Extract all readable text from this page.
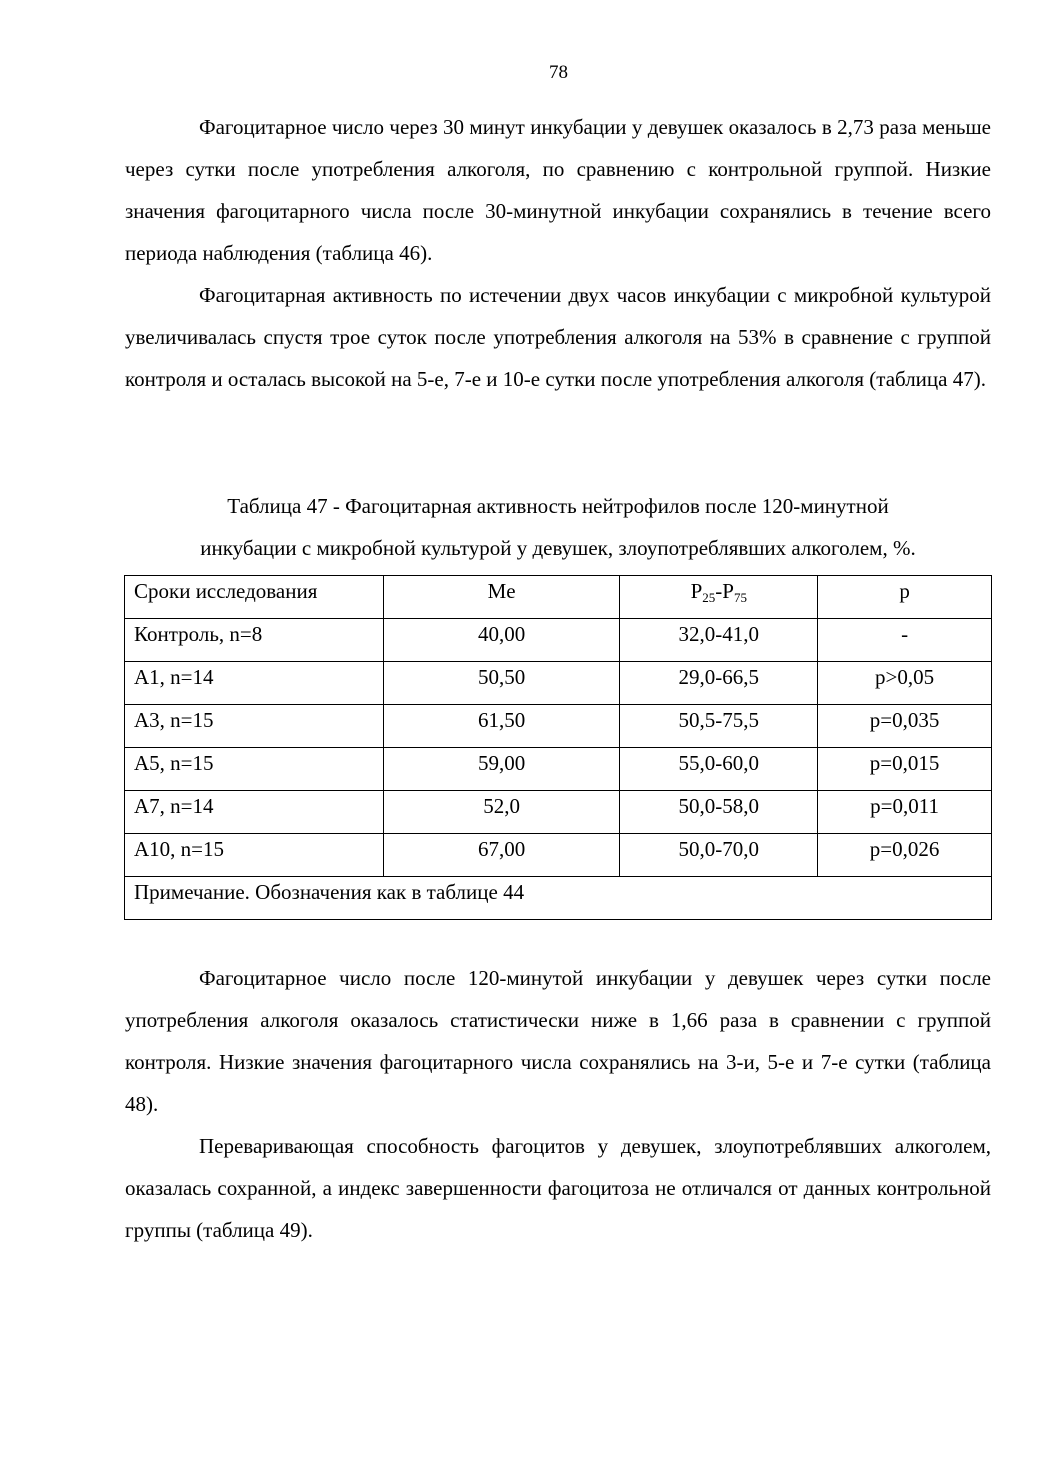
78

Фагоцитарное число через 30 минут инкубации у девушек оказалось в 2,73 раза меньше через сутки после употребления алкоголя, по сравнению с контрольной группой. Низкие значения фагоцитарного числа после 30-минутной инкубации сохранялись в течение всего периода наблюдения (таблица 46).

Фагоцитарная активность по истечении двух часов инкубации с микробной культурой увеличивалась спустя трое суток после употребления алкоголя на 53% в сравнение с группой контроля и осталась высокой на 5-е, 7-е и 10-е сутки после употребления алкоголя (таблица 47).

Таблица 47 - Фагоцитарная активность нейтрофилов после 120-минутной
инкубации с микробной культурой у девушек, злоупотреблявших алкоголем, %.
Сроки исследования	Me	$P_{25}-P_{75}$	p
Контроль, n=8	40,00	32,0-41,0	-
А1, n=14	50,50	29,0-66,5	p>0,05
А3, n=15	61,50	50,5-75,5	p=0,035
А5, n=15	59,00	55,0-60,0	p=0,015
А7, n=14	52,0	50,0-58,0	p=0,011
А10, n=15	67,00	50,0-70,0	p=0,026
Примечание. Обозначения как в таблице 44			

Фагоцитарное число после 120-минутой инкубации у девушек через сутки после употребления алкоголя оказалось статистически ниже в 1,66 раза в сравнении с группой контроля. Низкие значения фагоцитарного числа сохранялись на 3-и, 5-е и 7-е сутки (таблица 48).

Переваривающая способность фагоцитов у девушек, злоупотреблявших алкоголем, оказалась сохранной, а индекс завершенности фагоцитоза не отличался от данных контрольной группы (таблица 49).
